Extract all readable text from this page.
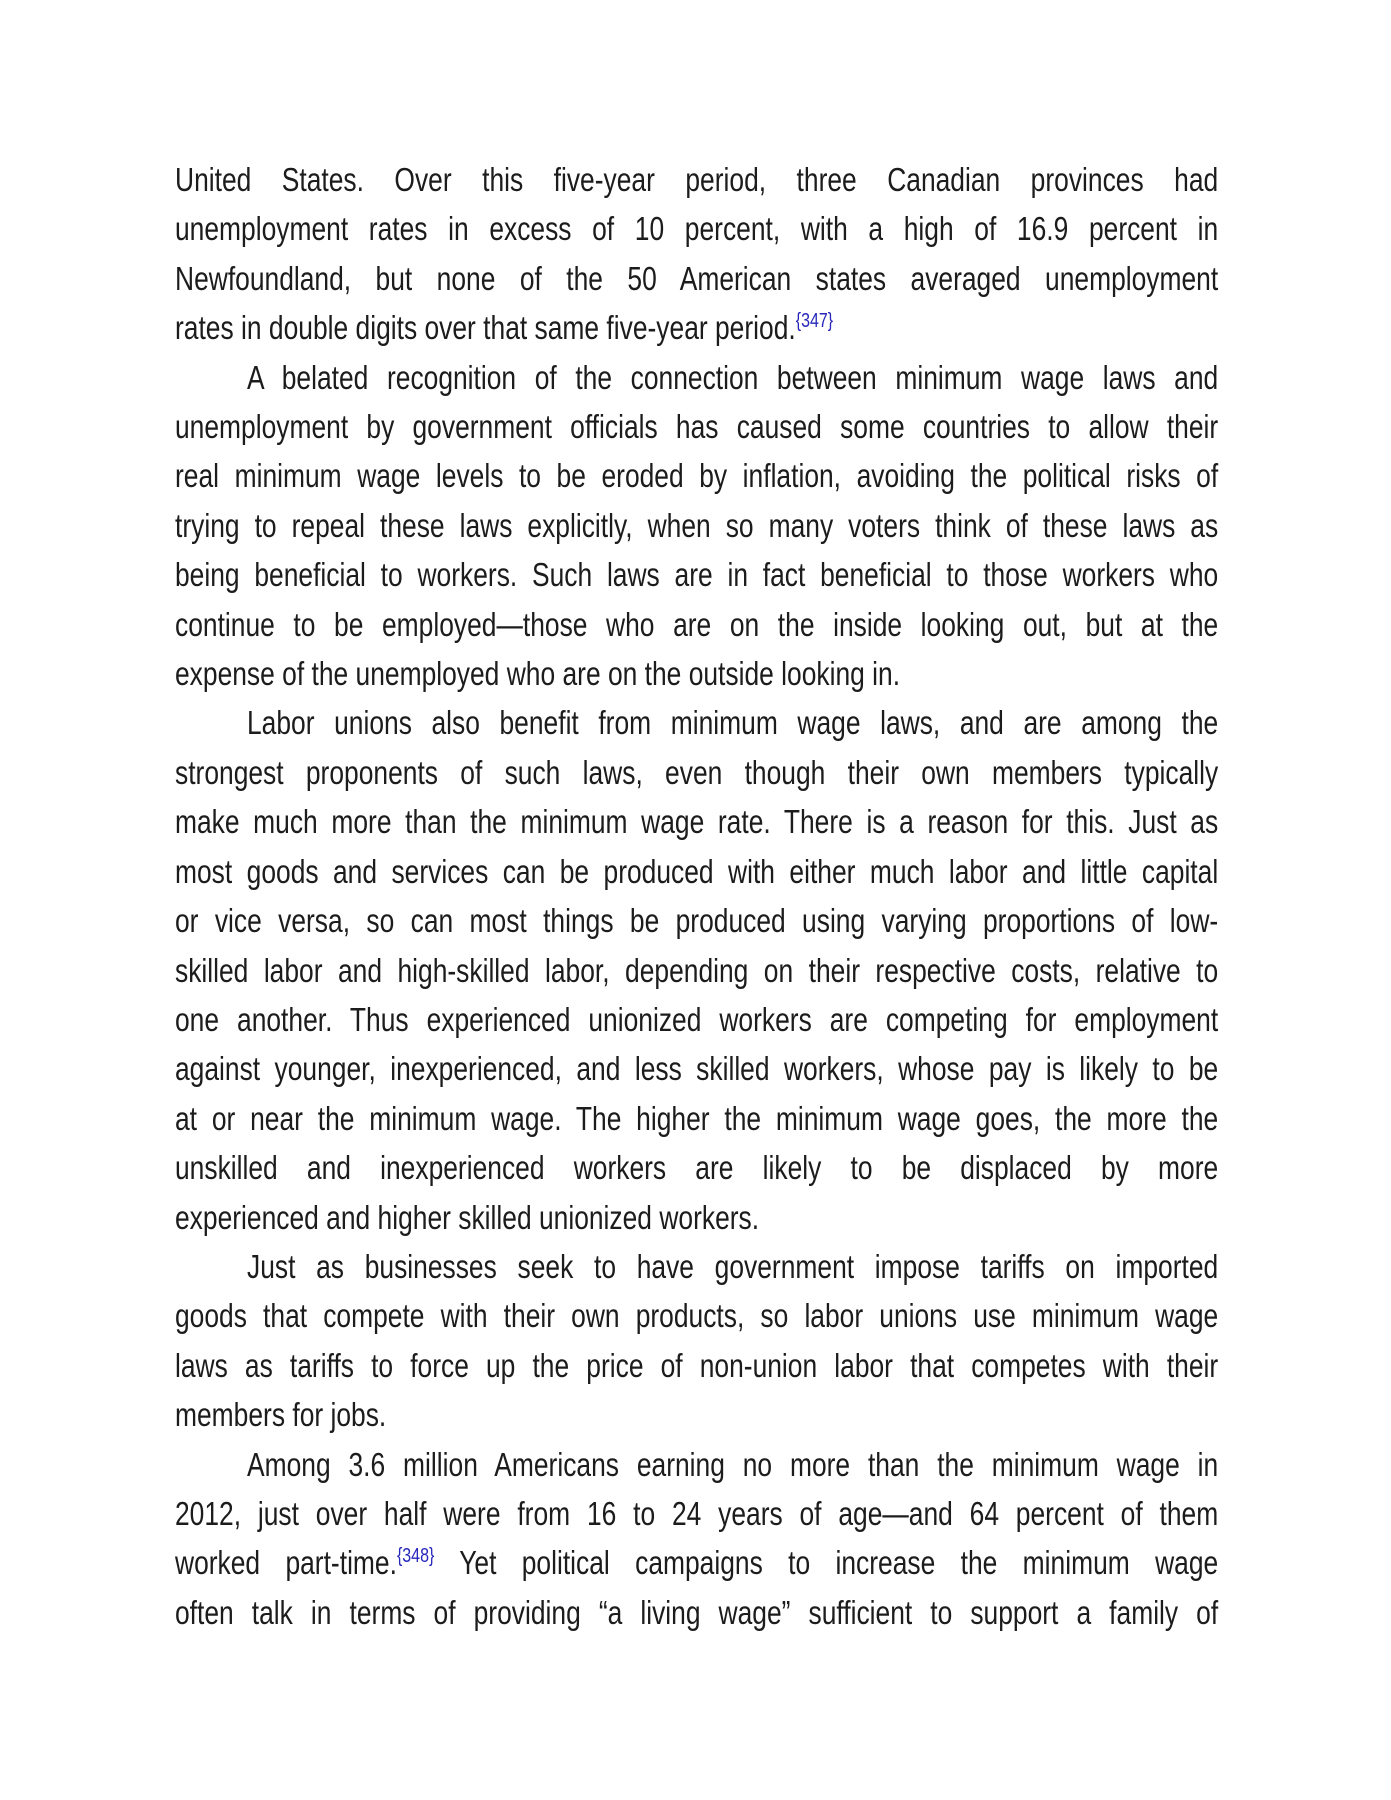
United States. Over this five-year period, three Canadian provinces had
unemployment rates in excess of 10 percent, with a high of 16.9 percent in
Newfoundland, but none of the 50 American states averaged unemployment
rates in double digits over that same five-year period.$^{\{347\}}$

A belated recognition of the connection between minimum wage laws and
unemployment by government officials has caused some countries to allow their
real minimum wage levels to be eroded by inflation, avoiding the political risks of
trying to repeal these laws explicitly, when so many voters think of these laws as
being beneficial to workers. Such laws are in fact beneficial to those workers who
continue to be employed—those who are on the inside looking out, but at the
expense of the unemployed who are on the outside looking in.

Labor unions also benefit from minimum wage laws, and are among the
strongest proponents of such laws, even though their own members typically
make much more than the minimum wage rate. There is a reason for this. Just as
most goods and services can be produced with either much labor and little capital
or vice versa, so can most things be produced using varying proportions of low-
skilled labor and high-skilled labor, depending on their respective costs, relative to
one another. Thus experienced unionized workers are competing for employment
against younger, inexperienced, and less skilled workers, whose pay is likely to be
at or near the minimum wage. The higher the minimum wage goes, the more the
unskilled and inexperienced workers are likely to be displaced by more
experienced and higher skilled unionized workers.

Just as businesses seek to have government impose tariffs on imported
goods that compete with their own products, so labor unions use minimum wage
laws as tariffs to force up the price of non-union labor that competes with their
members for jobs.

Among 3.6 million Americans earning no more than the minimum wage in
2012, just over half were from 16 to 24 years of age—and 64 percent of them
worked part-time.$^{\{348\}}$ Yet political campaigns to increase the minimum wage
often talk in terms of providing “a living wage” sufficient to support a family of
